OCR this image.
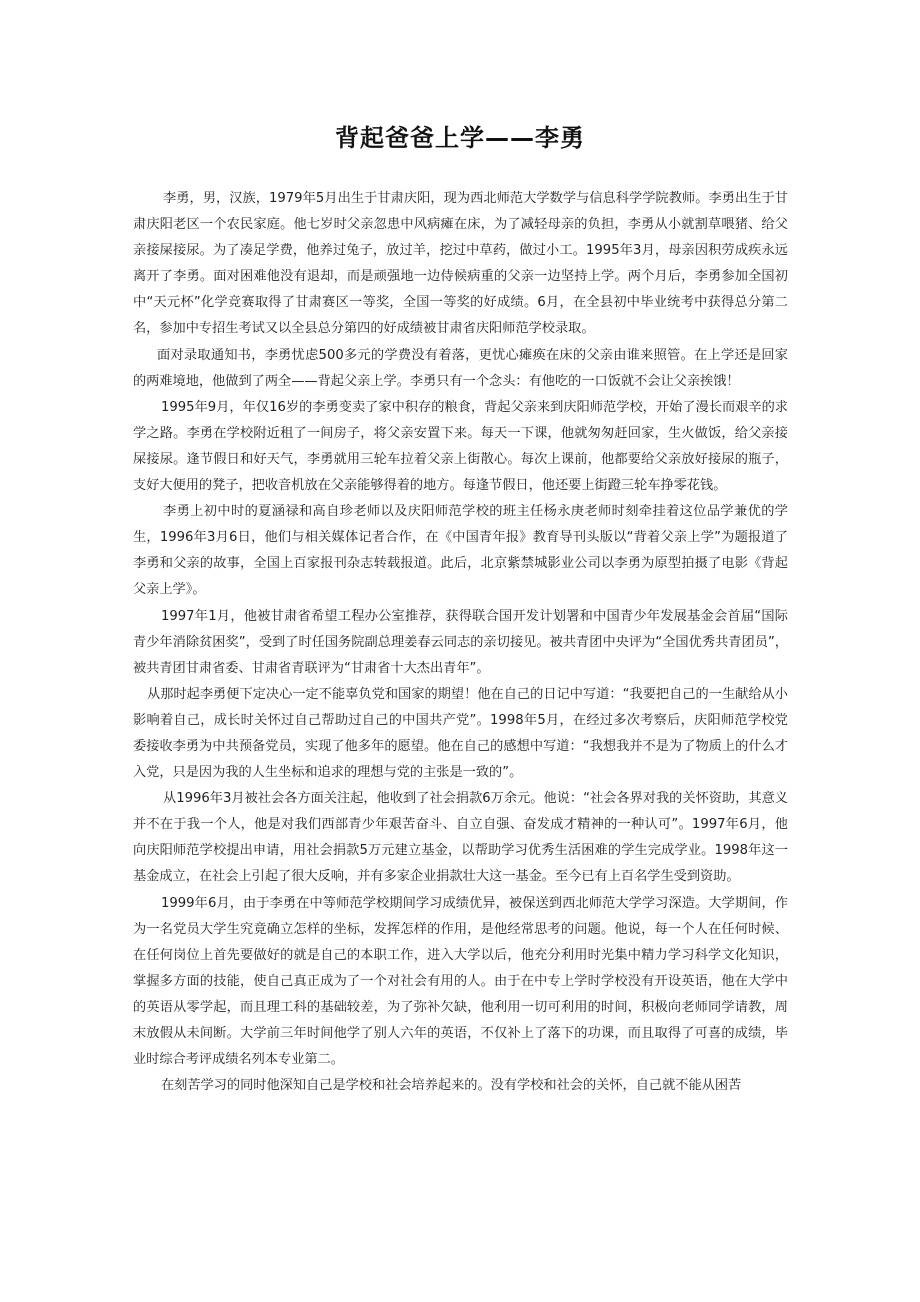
背起爸爸上学——李勇

李勇，男，汉族，1979年5月出生于甘肃庆阳，现为西北师范大学数学与信息科学学院教师。李勇出生于甘肃庆阳老区一个农民家庭。他七岁时父亲忽患中风病瘫在床，为了减轻母亲的负担，李勇从小就割草喂猪、给父亲接屎接尿。为了凑足学费，他养过兔子，放过羊，挖过中草药，做过小工。1995年3月，母亲因积劳成疾永远离开了李勇。面对困难他没有退却，而是顽强地一边侍候病重的父亲一边坚持上学。两个月后，李勇参加全国初中“天元杯”化学竞赛取得了甘肃赛区一等奖，全国一等奖的好成绩。6月，在全县初中毕业统考中获得总分第二名，参加中专招生考试又以全县总分第四的好成绩被甘肃省庆阳师范学校录取。

面对录取通知书，李勇忧虑500多元的学费没有着落，更忧心瘫痪在床的父亲由谁来照管。在上学还是回家的两难境地，他做到了两全——背起父亲上学。李勇只有一个念头：有他吃的一口饭就不会让父亲挨饿！

1995年9月，年仅16岁的李勇变卖了家中积存的粮食，背起父亲来到庆阳师范学校，开始了漫长而艰辛的求学之路。李勇在学校附近租了一间房子，将父亲安置下来。每天一下课，他就匆匆赶回家，生火做饭，给父亲接屎接尿。逢节假日和好天气，李勇就用三轮车拉着父亲上街散心。每次上课前，他都要给父亲放好接尿的瓶子，支好大便用的凳子，把收音机放在父亲能够得着的地方。每逢节假日，他还要上街蹬三轮车挣零花钱。

李勇上初中时的夏涵禄和高自珍老师以及庆阳师范学校的班主任杨永庚老师时刻牵挂着这位品学兼优的学生，1996年3月6日，他们与相关媒体记者合作，在《中国青年报》教育导刊头版以“背着父亲上学”为题报道了李勇和父亲的故事，全国上百家报刊杂志转载报道。此后，北京紫禁城影业公司以李勇为原型拍摄了电影《背起父亲上学》。

1997年1月，他被甘肃省希望工程办公室推荐，获得联合国开发计划署和中国青少年发展基金会首届“国际青少年消除贫困奖”，受到了时任国务院副总理姜春云同志的亲切接见。被共青团中央评为“全国优秀共青团员”，被共青团甘肃省委、甘肃省青联评为“甘肃省十大杰出青年”。

从那时起李勇便下定决心一定不能辜负党和国家的期望！他在自己的日记中写道：“我要把自己的一生献给从小影响着自己，成长时关怀过自己帮助过自己的中国共产党”。1998年5月，在经过多次考察后，庆阳师范学校党委接收李勇为中共预备党员，实现了他多年的愿望。他在自己的感想中写道：“我想我并不是为了物质上的什么才入党，只是因为我的人生坐标和追求的理想与党的主张是一致的”。

从1996年3月被社会各方面关注起，他收到了社会捐款6万余元。他说：“社会各界对我的关怀资助，其意义并不在于我一个人，他是对我们西部青少年艰苦奋斗、自立自强、奋发成才精神的一种认可”。1997年6月，他向庆阳师范学校提出申请，用社会捐款5万元建立基金，以帮助学习优秀生活困难的学生完成学业。1998年这一基金成立，在社会上引起了很大反响，并有多家企业捐款壮大这一基金。至今已有上百名学生受到资助。

1999年6月，由于李勇在中等师范学校期间学习成绩优异，被保送到西北师范大学学习深造。大学期间，作为一名党员大学生究竟确立怎样的坐标，发挥怎样的作用，是他经常思考的问题。他说，每一个人在任何时候、在任何岗位上首先要做好的就是自己的本职工作，进入大学以后，他充分利用时光集中精力学习科学文化知识，掌握多方面的技能，使自己真正成为了一个对社会有用的人。由于在中专上学时学校没有开设英语，他在大学中的英语从零学起，而且理工科的基础较差，为了弥补欠缺，他利用一切可利用的时间，积极向老师同学请教，周末放假从未间断。大学前三年时间他学了别人六年的英语，不仅补上了落下的功课，而且取得了可喜的成绩，毕业时综合考评成绩名列本专业第二。

在刻苦学习的同时他深知自己是学校和社会培养起来的。没有学校和社会的关怀，自己就不能从困苦
